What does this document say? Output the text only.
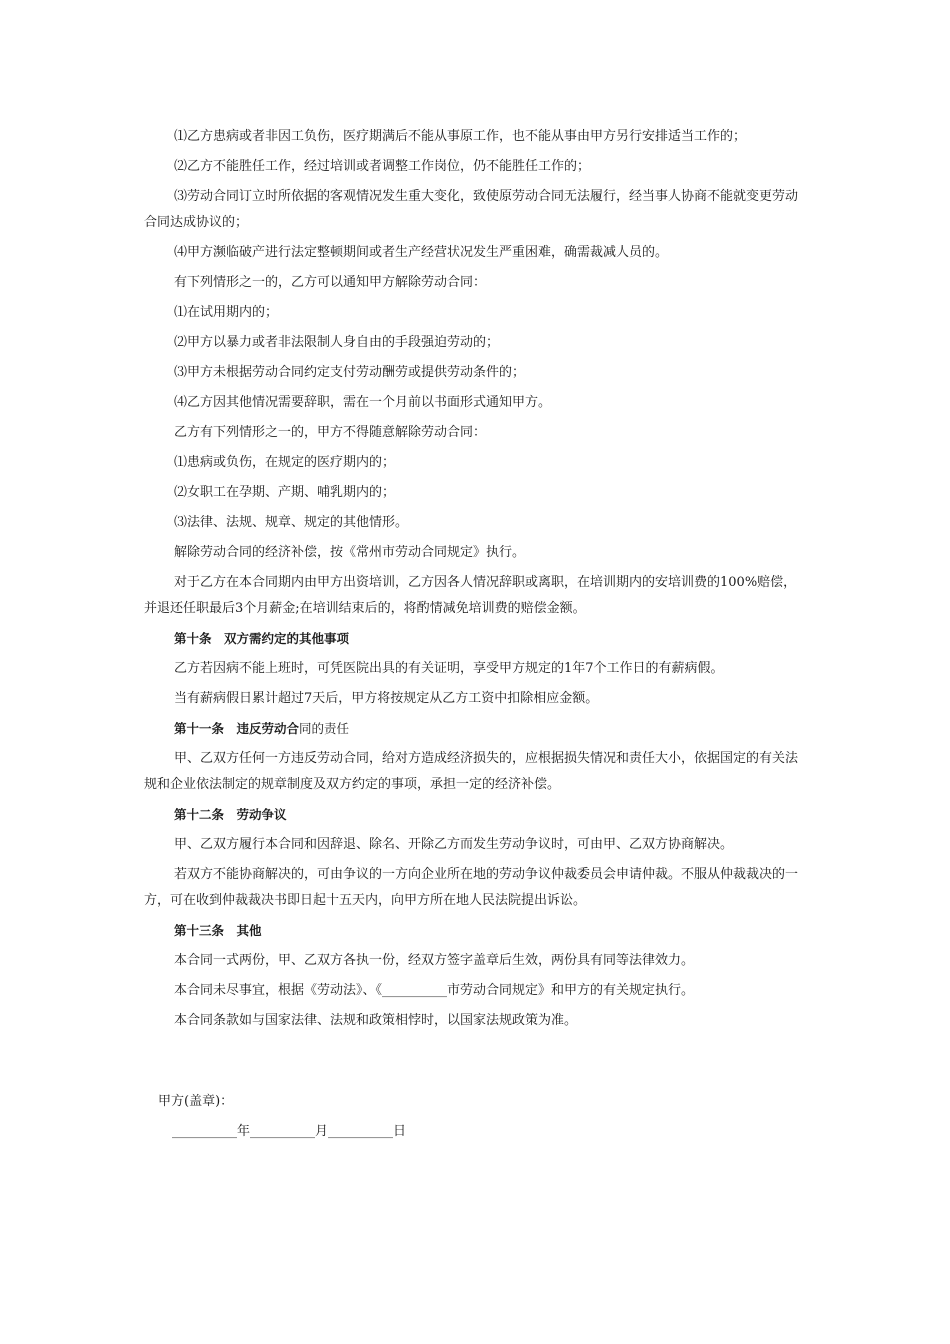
⑴乙方患病或者非因工负伤，医疗期满后不能从事原工作，也不能从事由甲方另行安排适当工作的；

⑵乙方不能胜任工作，经过培训或者调整工作岗位，仍不能胜任工作的；

⑶劳动合同订立时所依据的客观情况发生重大变化，致使原劳动合同无法履行，经当事人协商不能就变更劳动合同达成协议的；

⑷甲方濒临破产进行法定整顿期间或者生产经营状况发生严重困难，确需裁减人员的。

有下列情形之一的，乙方可以通知甲方解除劳动合同：

⑴在试用期内的；

⑵甲方以暴力或者非法限制人身自由的手段强迫劳动的；

⑶甲方未根据劳动合同约定支付劳动酬劳或提供劳动条件的；

⑷乙方因其他情况需要辞职，需在一个月前以书面形式通知甲方。

乙方有下列情形之一的，甲方不得随意解除劳动合同：

⑴患病或负伤，在规定的医疗期内的；

⑵女职工在孕期、产期、哺乳期内的；

⑶法律、法规、规章、规定的其他情形。

解除劳动合同的经济补偿，按《常州市劳动合同规定》执行。

对于乙方在本合同期内由甲方出资培训，乙方因各人情况辞职或离职，在培训期内的安培训费的100%赔偿，并退还任职最后3个月薪金;在培训结束后的，将酌情减免培训费的赔偿金额。

第十条　双方需约定的其他事项

乙方若因病不能上班时，可凭医院出具的有关证明，享受甲方规定的1年7个工作日的有薪病假。

当有薪病假日累计超过7天后，甲方将按规定从乙方工资中扣除相应金额。

第十一条　违反劳动合同的责任

甲、乙双方任何一方违反劳动合同，给对方造成经济损失的，应根据损失情况和责任大小，依据国定的有关法规和企业依法制定的规章制度及双方约定的事项，承担一定的经济补偿。

第十二条　劳动争议

甲、乙双方履行本合同和因辞退、除名、开除乙方而发生劳动争议时，可由甲、乙双方协商解决。

若双方不能协商解决的，可由争议的一方向企业所在地的劳动争议仲裁委员会申请仲裁。不服从仲裁裁决的一方，可在收到仲裁裁决书即日起十五天内，向甲方所在地人民法院提出诉讼。

第十三条　其他

本合同一式两份，甲、乙双方各执一份，经双方签字盖章后生效，两份具有同等法律效力。

本合同未尽事宜，根据《劳动法》、《__________市劳动合同规定》和甲方的有关规定执行。

本合同条款如与国家法律、法规和政策相悖时，以国家法规政策为准。

甲方(盖章)：

__________年__________月__________日
